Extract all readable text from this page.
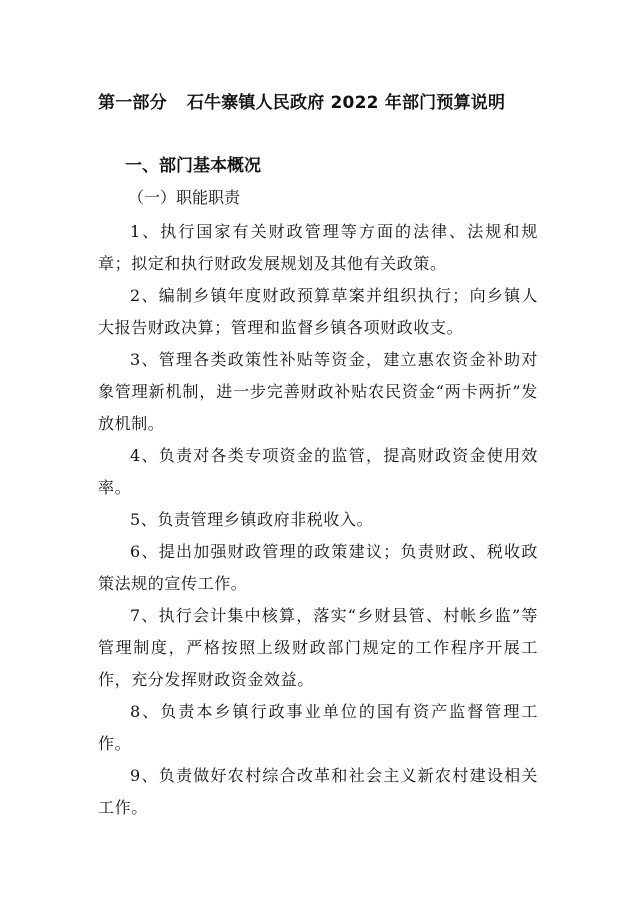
第一部分 石牛寨镇人民政府 2022 年部门预算说明
一、部门基本概况
（一）职能职责

1、执行国家有关财政管理等方面的法律、法规和规章；拟定和执行财政发展规划及其他有关政策。

2、编制乡镇年度财政预算草案并组织执行；向乡镇人大报告财政决算；管理和监督乡镇各项财政收支。

3、管理各类政策性补贴等资金，建立惠农资金补助对象管理新机制，进一步完善财政补贴农民资金“两卡两折”发放机制。

4、负责对各类专项资金的监管，提高财政资金使用效率。

5、负责管理乡镇政府非税收入。

6、提出加强财政管理的政策建议；负责财政、税收政策法规的宣传工作。

7、执行会计集中核算，落实“乡财县管、村帐乡监”等管理制度，严格按照上级财政部门规定的工作程序开展工作，充分发挥财政资金效益。

8、负责本乡镇行政事业单位的国有资产监督管理工作。

9、负责做好农村综合改革和社会主义新农村建设相关工作。
